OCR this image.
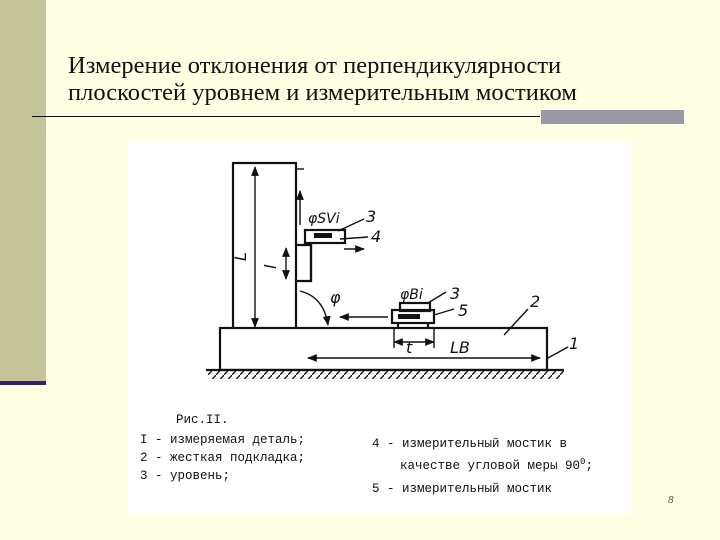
Измерение отклонения от перпендикулярности
плоскостей уровнем и измерительным мостиком
L
l
φSVi
φ	φBi
3
4
3
5	2
1
t LB
Рис.II.
I - измеряемая деталь;
2 - жесткая подкладка;
3 - уровень;
4 - измерительный мостик в
качестве угловой меры $90^0$;
5 - измерительный мостик
8
